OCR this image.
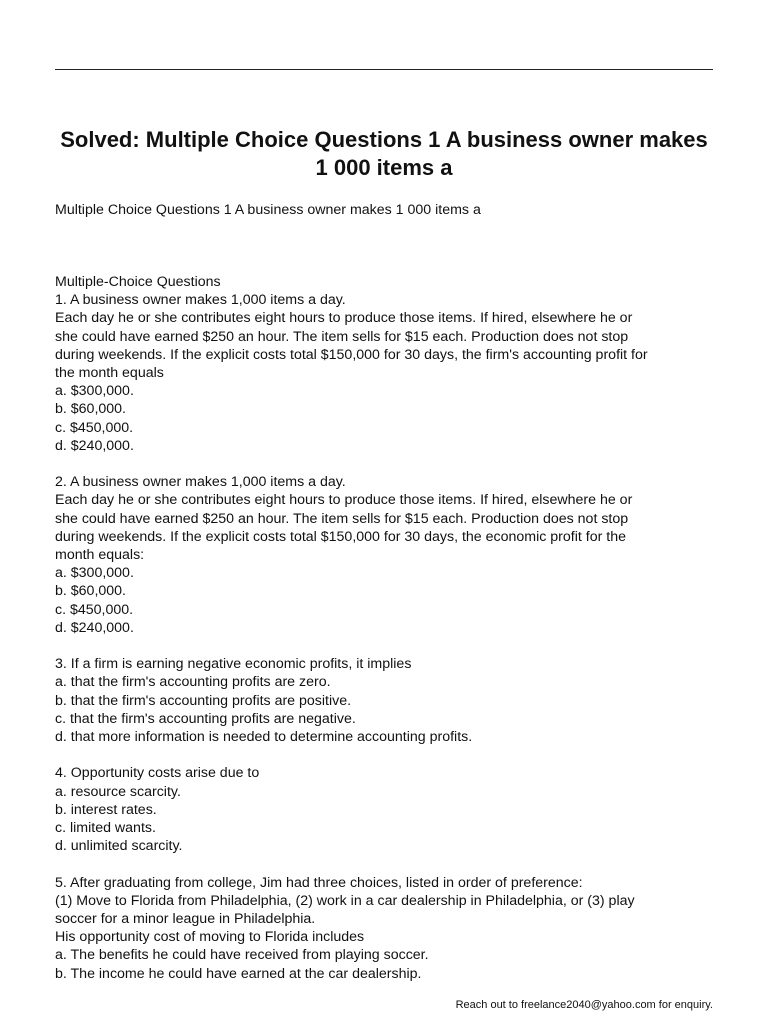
Solved: Multiple Choice Questions 1 A business owner makes 1 000 items a

Multiple Choice Questions 1 A business owner makes 1 000 items a

Multiple-Choice Questions

1. A business owner makes 1,000 items a day.

Each day he or she contributes eight hours to produce those items. If hired, elsewhere he or

she could have earned $250 an hour. The item sells for $15 each. Production does not stop

during weekends. If the explicit costs total $150,000 for 30 days, the firm's accounting profit for

the month equals

a. $300,000.

b. $60,000.

c. $450,000.

d. $240,000.

2. A business owner makes 1,000 items a day.

Each day he or she contributes eight hours to produce those items. If hired, elsewhere he or

she could have earned $250 an hour. The item sells for $15 each. Production does not stop

during weekends. If the explicit costs total $150,000 for 30 days, the economic profit for the

month equals:

a. $300,000.

b. $60,000.

c. $450,000.

d. $240,000.

3. If a firm is earning negative economic profits, it implies

a. that the firm's accounting profits are zero.

b. that the firm's accounting profits are positive.

c. that the firm's accounting profits are negative.

d. that more information is needed to determine accounting profits.

4. Opportunity costs arise due to

a. resource scarcity.

b. interest rates.

c. limited wants.

d. unlimited scarcity.

5. After graduating from college, Jim had three choices, listed in order of preference:

(1) Move to Florida from Philadelphia, (2) work in a car dealership in Philadelphia, or (3) play

soccer for a minor league in Philadelphia.

His opportunity cost of moving to Florida includes

a. The benefits he could have received from playing soccer.

b. The income he could have earned at the car dealership.

Reach out to freelance2040@yahoo.com for enquiry.
